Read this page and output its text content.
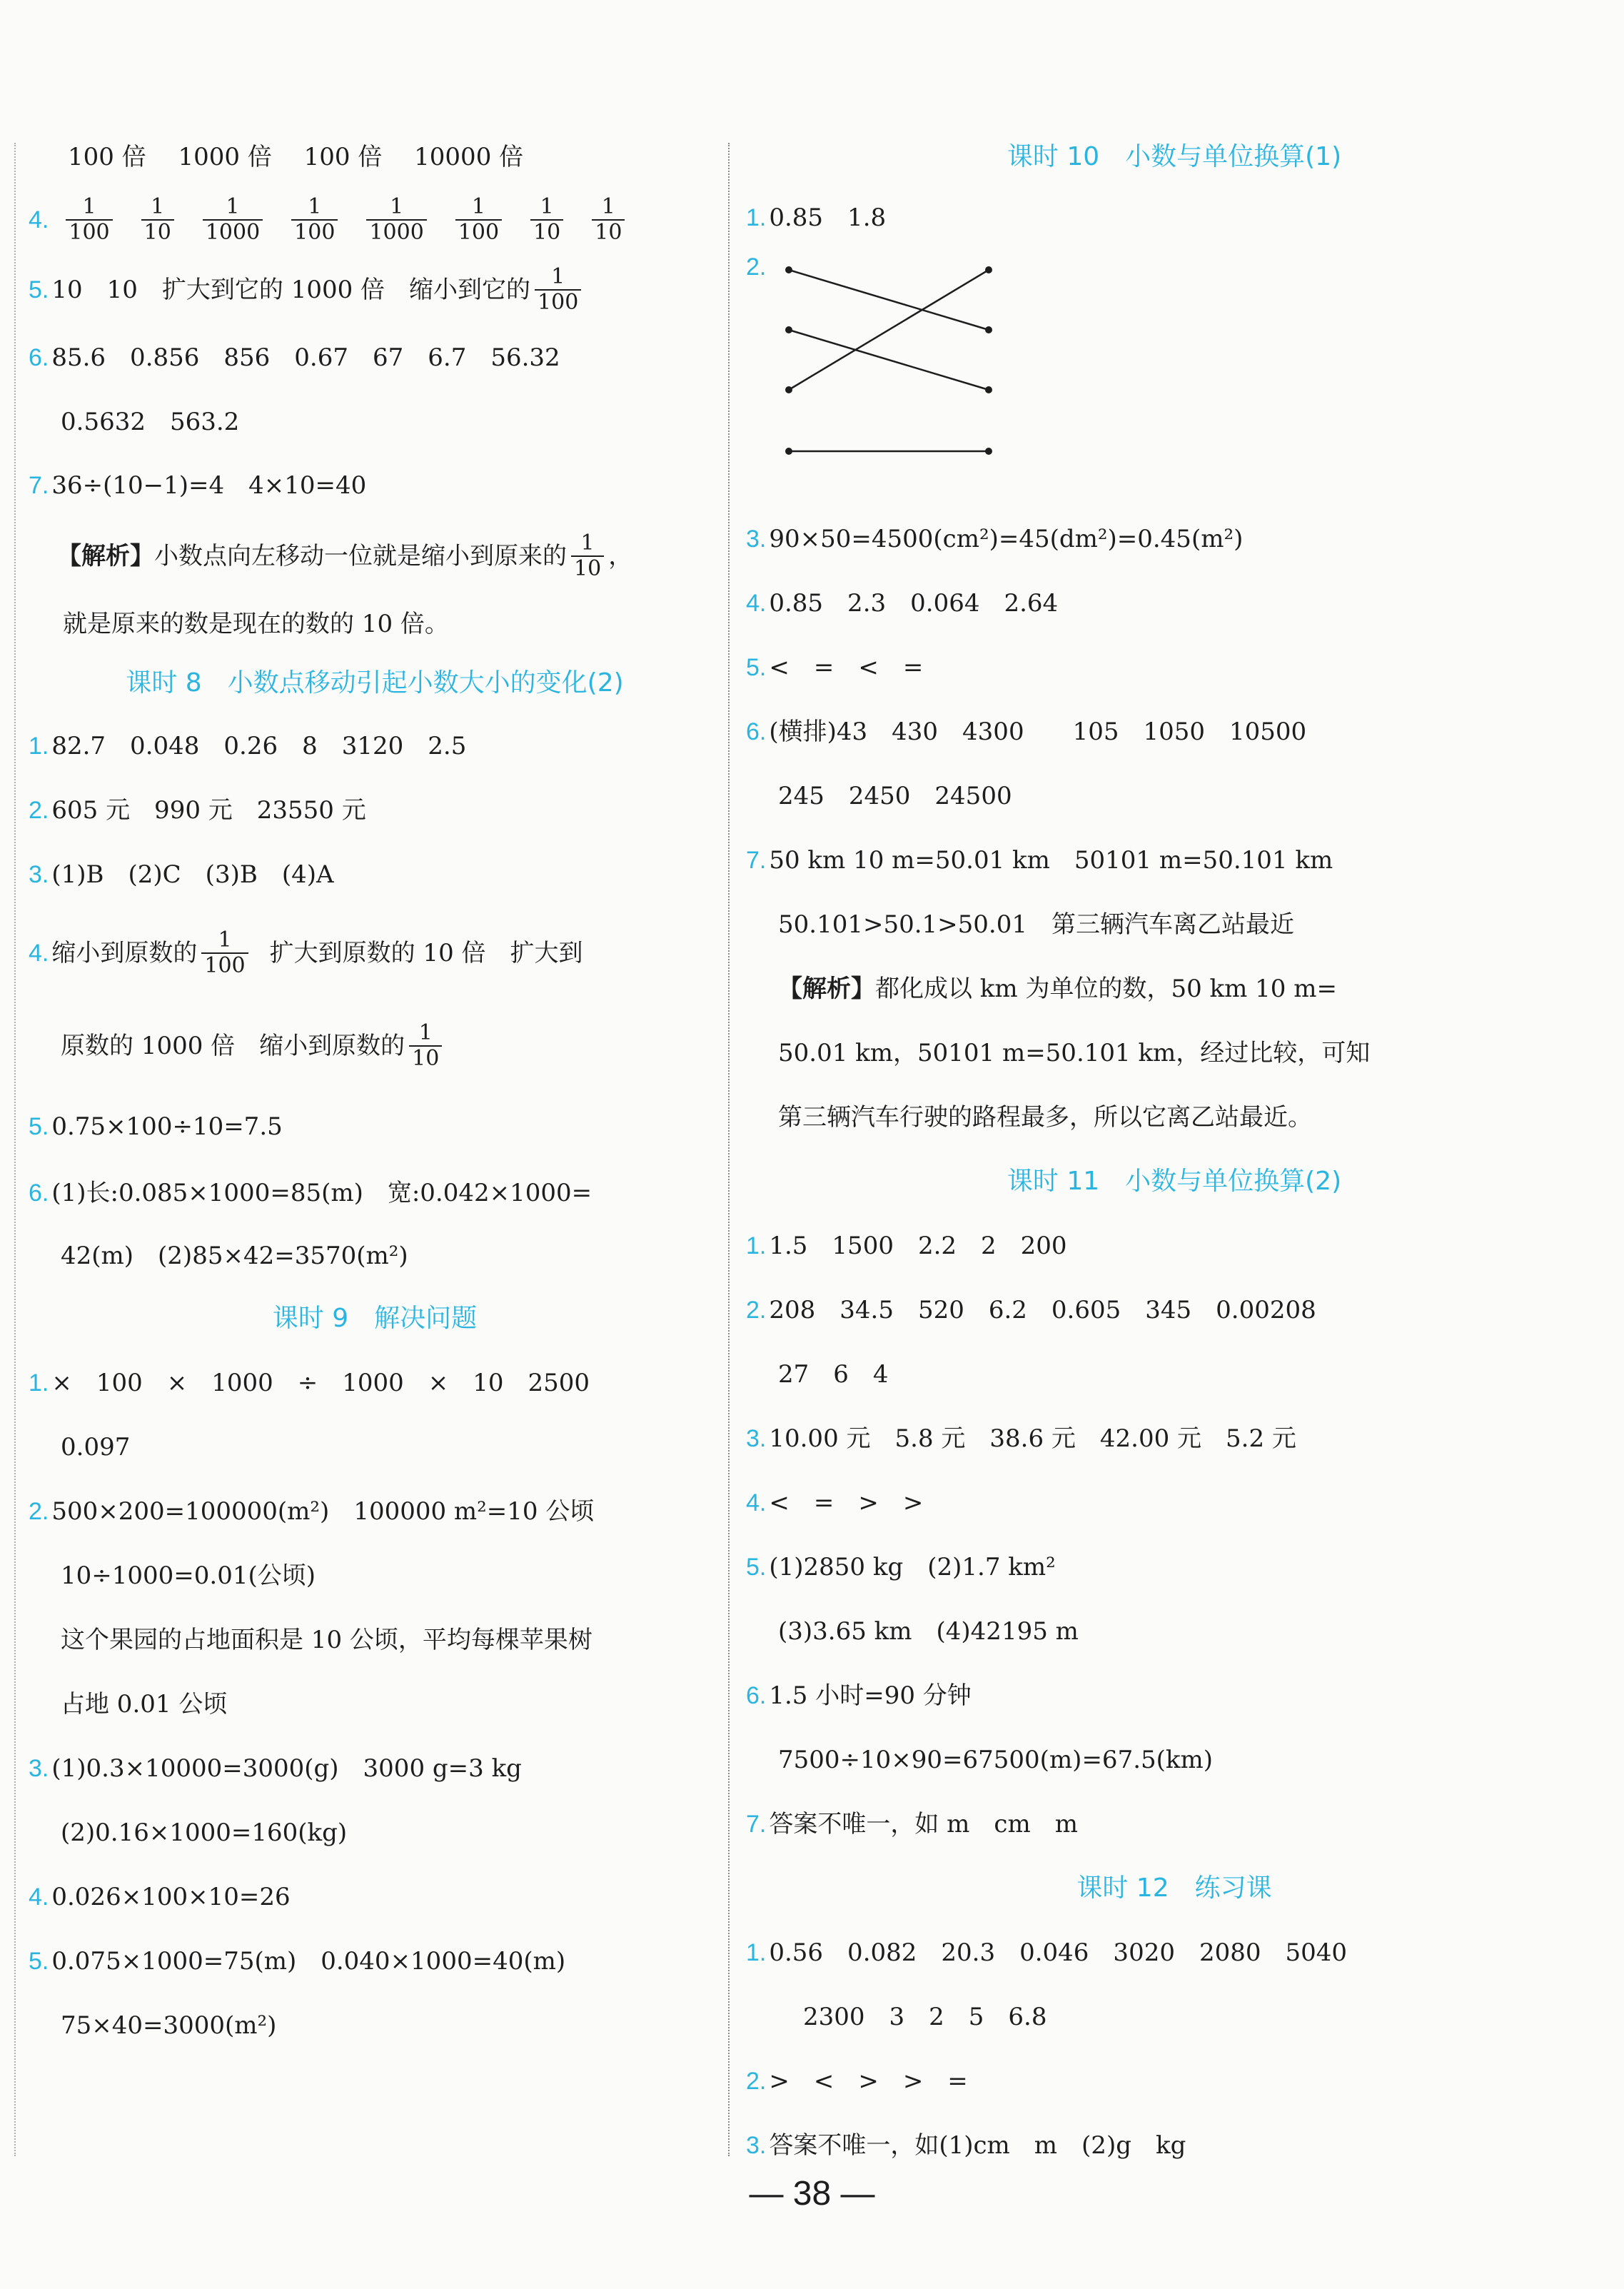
100 倍　 1000 倍　 100 倍　 10000 倍
4. $\frac{1}{100} \frac{1}{10} \frac{1}{1000} \frac{1}{100} \frac{1}{1000} \frac{1}{100} \frac{1}{10} \frac{1}{10}$
5. 10　10　扩大到它的 1000 倍　缩小到它的 $\frac{1}{100}$
6. 85.6　0.856　856　0.67　67　6.7　56.32
0.5632　563.2
7. 36÷(10−1)=4　4×10=40
【解析】 小数点向左移动一位就是缩小到原来的 $\frac{1}{10}$ ，
就是原来的数是现在的数的 10 倍。
课时 8　小数点移动引起小数大小的变化(2)
1. 82.7　0.048　0.26　8　3120　2.5
2. 605 元　990 元　23550 元
3. (1)B　(2)C　(3)B　(4)A
4. 缩小到原数的 $\frac{1}{100}$ 扩大到原数的 10 倍　扩大到
原数的 1000 倍　缩小到原数的 $\frac{1}{10}$
5. 0.75×100÷10=7.5
6. (1)长:0.085×1000=85(m)　宽:0.042×1000=
42(m)　(2)85×42=3570(m²)
课时 9　解决问题
1. ×　100　×　1000　÷　1000　×　10　2500
0.097
2. 500×200=100000(m²)　100000 m²=10 公顷
10÷1000=0.01(公顷)
这个果园的占地面积是 10 公顷，平均每棵苹果树
占地 0.01 公顷
3. (1)0.3×10000=3000(g)　3000 g=3 kg
(2)0.16×1000=160(kg)
4. 0.026×100×10=26
5. 0.075×1000=75(m)　0.040×1000=40(m)
75×40=3000(m²)
课时 10　小数与单位换算(1)
1. 0.85　1.8
2.
3. 90×50=4500(cm²)=45(dm²)=0.45(m²)
4. 0.85　2.3　0.064　2.64
5. <　=　<　=
6. (横排)43　430　4300　　105　1050　10500
245　2450　24500
7. 50 km 10 m=50.01 km　50101 m=50.101 km
50.101>50.1>50.01　第三辆汽车离乙站最近
【解析】 都化成以 km 为单位的数，50 km 10 m=
50.01 km，50101 m=50.101 km，经过比较，可知
第三辆汽车行驶的路程最多，所以它离乙站最近。
课时 11　小数与单位换算(2)
1. 1.5　1500　2.2　2　200
2. 208　34.5　520　6.2　0.605　345　0.00208
27　6　4
3. 10.00 元　5.8 元　38.6 元　42.00 元　5.2 元
4. <　=　>　>
5. (1)2850 kg　(2)1.7 km²
(3)3.65 km　(4)42195 m
6. 1.5 小时=90 分钟
7500÷10×90=67500(m)=67.5(km)
7. 答案不唯一，如 m　cm　m
课时 12　练习课
1. 0.56　0.082　20.3　0.046　3020　2080　5040
2300　3　2　5　6.8
2. >　<　>　>　=
3. 答案不唯一，如(1)cm　m　(2)g　kg
— 38 —
